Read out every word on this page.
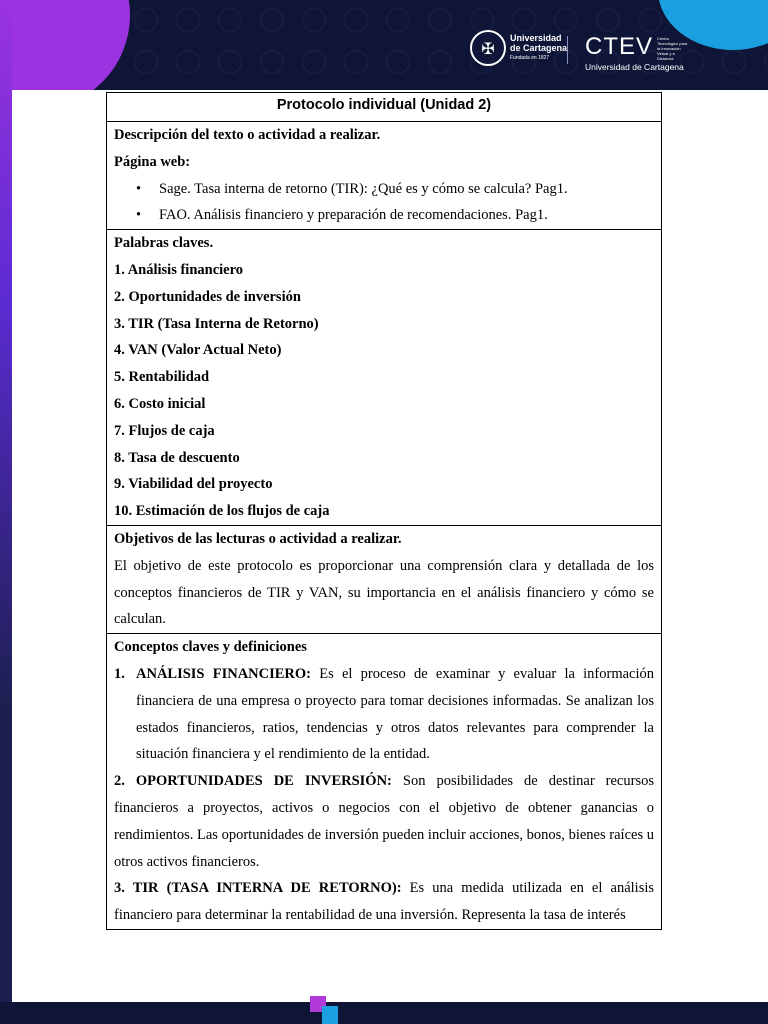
✠
Universidad
de Cartagena
Fundada en 1827	CTEV Centro Tecnológico para la Innovación Virtual y a Distancia
Universidad de Cartagena
Protocolo individual (Unidad 2)

Descripción del texto o actividad a realizar.
Página web:
• Sage. Tasa interna de retorno (TIR): ¿Qué es y cómo se calcula? Pag1.
• FAO. Análisis financiero y preparación de recomendaciones. Pag1.

Palabras claves.
1. Análisis financiero
2. Oportunidades de inversión
3. TIR (Tasa Interna de Retorno)
4. VAN (Valor Actual Neto)
5. Rentabilidad
6. Costo inicial
7. Flujos de caja
8. Tasa de descuento
9. Viabilidad del proyecto
10. Estimación de los flujos de caja

Objetivos de las lecturas o actividad a realizar.
El objetivo de este protocolo es proporcionar una comprensión clara y detallada de los conceptos financieros de TIR y VAN, su importancia en el análisis financiero y cómo se calculan.

Conceptos claves y definiciones
1. ANÁLISIS FINANCIERO: Es el proceso de examinar y evaluar la información financiera de una empresa o proyecto para tomar decisiones informadas. Se analizan los estados financieros, ratios, tendencias y otros datos relevantes para comprender la situación financiera y el rendimiento de la entidad.
2. OPORTUNIDADES DE INVERSIÓN: Son posibilidades de destinar recursos financieros a proyectos, activos o negocios con el objetivo de obtener ganancias o rendimientos. Las oportunidades de inversión pueden incluir acciones, bonos, bienes raíces u otros activos financieros.
3. TIR (TASA INTERNA DE RETORNO): Es una medida utilizada en el análisis financiero para determinar la rentabilidad de una inversión. Representa la tasa de interés
